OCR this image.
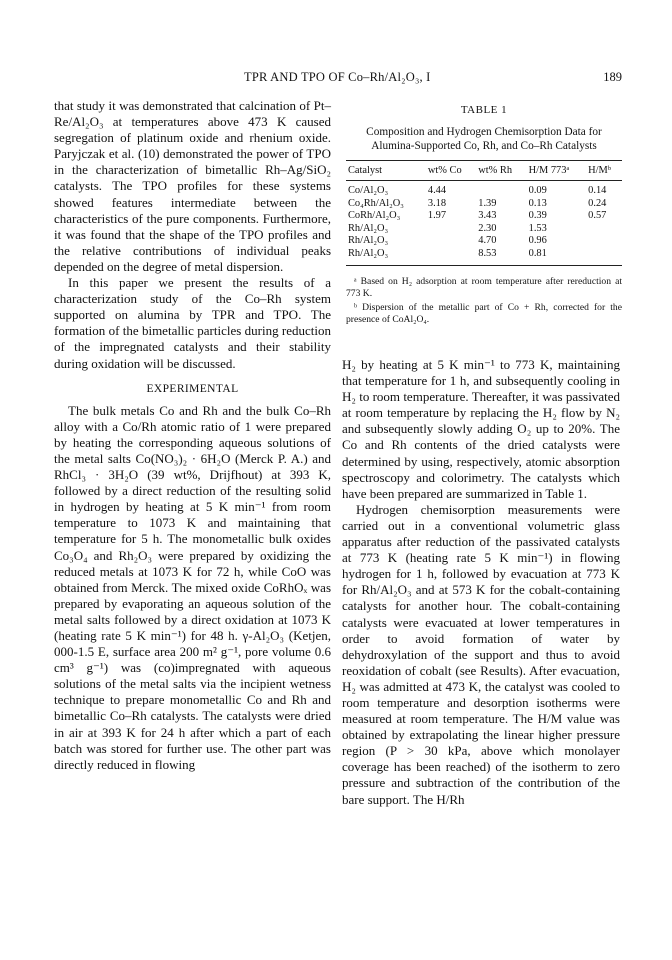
TPR AND TPO OF Co–Rh/Al₂O₃, I	189

that study it was demonstrated that calcination of Pt–Re/Al₂O₃ at temperatures above 473 K caused segregation of platinum oxide and rhenium oxide. Paryjczak et al. (10) demonstrated the power of TPO in the characterization of bimetallic Rh–Ag/SiO₂ catalysts. The TPO profiles for these systems showed features intermediate between the characteristics of the pure components. Furthermore, it was found that the shape of the TPO profiles and the relative contributions of individual peaks depended on the degree of metal dispersion.

In this paper we present the results of a characterization study of the Co–Rh system supported on alumina by TPR and TPO. The formation of the bimetallic particles during reduction of the impregnated catalysts and their stability during oxidation will be discussed.

EXPERIMENTAL

The bulk metals Co and Rh and the bulk Co–Rh alloy with a Co/Rh atomic ratio of 1 were prepared by heating the corresponding aqueous solutions of the metal salts Co(NO₃)₂ · 6H₂O (Merck P. A.) and RhCl₃ · 3H₂O (39 wt%, Drijfhout) at 393 K, followed by a direct reduction of the resulting solid in hydrogen by heating at 5 K min⁻¹ from room temperature to 1073 K and maintaining that temperature for 5 h. The monometallic bulk oxides Co₃O₄ and Rh₂O₃ were prepared by oxidizing the reduced metals at 1073 K for 72 h, while CoO was obtained from Merck. The mixed oxide CoRhOₓ was prepared by evaporating an aqueous solution of the metal salts followed by a direct oxidation at 1073 K (heating rate 5 K min⁻¹) for 48 h. γ-Al₂O₃ (Ketjen, 000-1.5 E, surface area 200 m² g⁻¹, pore volume 0.6 cm³ g⁻¹) was (co)impregnated with aqueous solutions of the metal salts via the incipient wetness technique to prepare monometallic Co and Rh and bimetallic Co–Rh catalysts. The catalysts were dried in air at 393 K for 24 h after which a part of each batch was stored for further use. The other part was directly reduced in flowing

TABLE 1
Composition and Hydrogen Chemisorption Data for Alumina-Supported Co, Rh, and Co–Rh Catalysts
Catalyst	wt% Co	wt% Rh	H/M 773ᵃ	H/Mᵇ
Co/Al₂O₃	4.44		0.09	0.14
Co₄Rh/Al₂O₃	3.18	1.39	0.13	0.24
CoRh/Al₂O₃	1.97	3.43	0.39	0.57
Rh/Al₂O₃		2.30	1.53	
Rh/Al₂O₃		4.70	0.96	
Rh/Al₂O₃		8.53	0.81	

ᵃ Based on H₂ adsorption at room temperature after rereduction at 773 K.

ᵇ Dispersion of the metallic part of Co + Rh, corrected for the presence of CoAl₂O₄.

H₂ by heating at 5 K min⁻¹ to 773 K, maintaining that temperature for 1 h, and subsequently cooling in H₂ to room temperature. Thereafter, it was passivated at room temperature by replacing the H₂ flow by N₂ and subsequently slowly adding O₂ up to 20%. The Co and Rh contents of the dried catalysts were determined by using, respectively, atomic absorption spectroscopy and colorimetry. The catalysts which have been prepared are summarized in Table 1.

Hydrogen chemisorption measurements were carried out in a conventional volumetric glass apparatus after reduction of the passivated catalysts at 773 K (heating rate 5 K min⁻¹) in flowing hydrogen for 1 h, followed by evacuation at 773 K for Rh/Al₂O₃ and at 573 K for the cobalt-containing catalysts for another hour. The cobalt-containing catalysts were evacuated at lower temperatures in order to avoid formation of water by dehydroxylation of the support and thus to avoid reoxidation of cobalt (see Results). After evacuation, H₂ was admitted at 473 K, the catalyst was cooled to room temperature and desorption isotherms were measured at room temperature. The H/M value was obtained by extrapolating the linear higher pressure region (P > 30 kPa, above which monolayer coverage has been reached) of the isotherm to zero pressure and subtraction of the contribution of the bare support. The H/Rh
